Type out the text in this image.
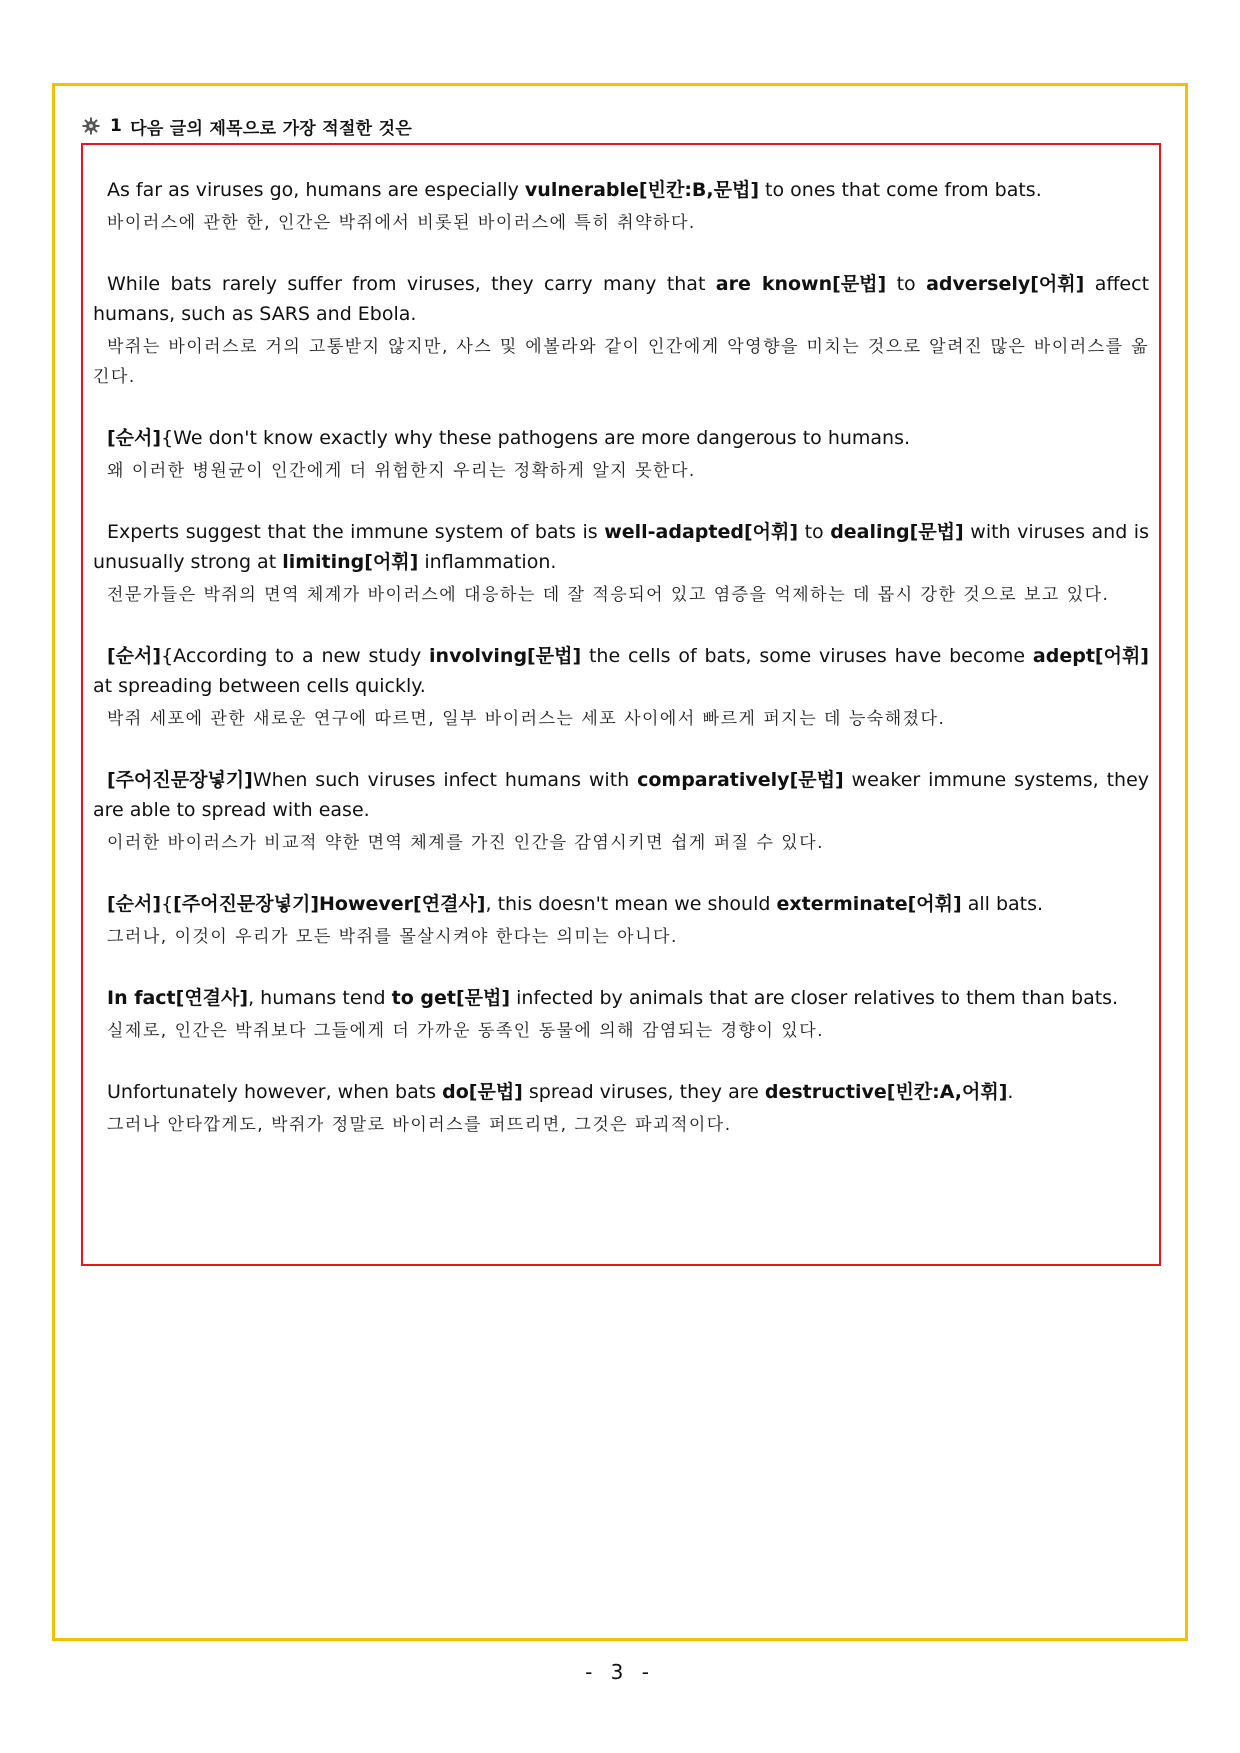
1 다음 글의 제목으로 가장 적절한 것은

As far as viruses go, humans are especially vulnerable[빈칸:B,문법] to ones that come from bats.

바이러스에 관한 한, 인간은 박쥐에서 비롯된 바이러스에 특히 취약하다.

While bats rarely suffer from viruses, they carry many that are known[문법] to adversely[어휘] affect humans, such as SARS and Ebola.

박쥐는 바이러스로 거의 고통받지 않지만, 사스 및 에볼라와 같이 인간에게 악영향을 미치는 것으로 알려진 많은 바이러스를 옮긴다.

[순서]{We don't know exactly why these pathogens are more dangerous to humans.

왜 이러한 병원균이 인간에게 더 위험한지 우리는 정확하게 알지 못한다.

Experts suggest that the immune system of bats is well-adapted[어휘] to dealing[문법] with viruses and is unusually strong at limiting[어휘] inflammation.

전문가들은 박쥐의 면역 체계가 바이러스에 대응하는 데 잘 적응되어 있고 염증을 억제하는 데 몹시 강한 것으로 보고 있다.

[순서]{According to a new study involving[문법] the cells of bats, some viruses have become adept[어휘] at spreading between cells quickly.

박쥐 세포에 관한 새로운 연구에 따르면, 일부 바이러스는 세포 사이에서 빠르게 퍼지는 데 능숙해졌다.

[주어진문장넣기]When such viruses infect humans with comparatively[문법] weaker immune systems, they are able to spread with ease.

이러한 바이러스가 비교적 약한 면역 체계를 가진 인간을 감염시키면 쉽게 퍼질 수 있다.

[순서]{[주어진문장넣기]However[연결사], this doesn't mean we should exterminate[어휘] all bats.

그러나, 이것이 우리가 모든 박쥐를 몰살시켜야 한다는 의미는 아니다.

In fact[연결사], humans tend to get[문법] infected by animals that are closer relatives to them than bats.

실제로, 인간은 박쥐보다 그들에게 더 가까운 동족인 동물에 의해 감염되는 경향이 있다.

Unfortunately however, when bats do[문법] spread viruses, they are destructive[빈칸:A,어휘].

그러나 안타깝게도, 박쥐가 정말로 바이러스를 퍼뜨리면, 그것은 파괴적이다.

- 3 -
